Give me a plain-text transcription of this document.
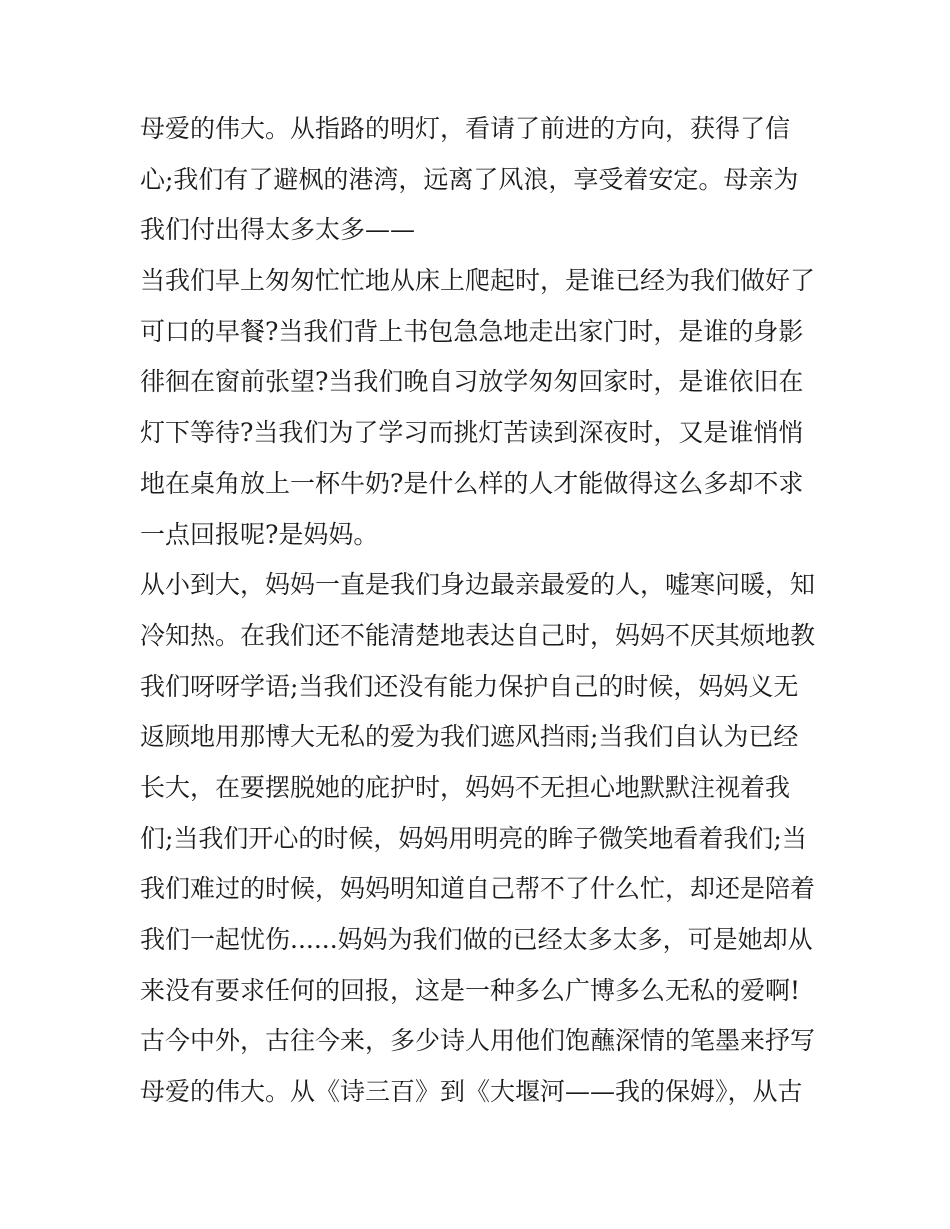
母爱的伟大。从指路的明灯，看请了前进的方向，获得了信
心;我们有了避枫的港湾，远离了风浪，享受着安定。母亲为
我们付出得太多太多——
当我们早上匆匆忙忙地从床上爬起时，是谁已经为我们做好了
可口的早餐?当我们背上书包急急地走出家门时，是谁的身影
徘徊在窗前张望?当我们晚自习放学匆匆回家时，是谁依旧在
灯下等待?当我们为了学习而挑灯苦读到深夜时，又是谁悄悄
地在桌角放上一杯牛奶?是什么样的人才能做得这么多却不求
一点回报呢?是妈妈。
从小到大，妈妈一直是我们身边最亲最爱的人，嘘寒问暖，知
冷知热。在我们还不能清楚地表达自己时，妈妈不厌其烦地教
我们呀呀学语;当我们还没有能力保护自己的时候，妈妈义无
返顾地用那博大无私的爱为我们遮风挡雨;当我们自认为已经
长大，在要摆脱她的庇护时，妈妈不无担心地默默注视着我
们;当我们开心的时候，妈妈用明亮的眸子微笑地看着我们;当
我们难过的时候，妈妈明知道自己帮不了什么忙，却还是陪着
我们一起忧伤......妈妈为我们做的已经太多太多，可是她却从
来没有要求任何的回报，这是一种多么广博多么无私的爱啊!
古今中外，古往今来，多少诗人用他们饱蘸深情的笔墨来抒写
母爱的伟大。从《诗三百》到《大堰河——我的保姆》，从古
